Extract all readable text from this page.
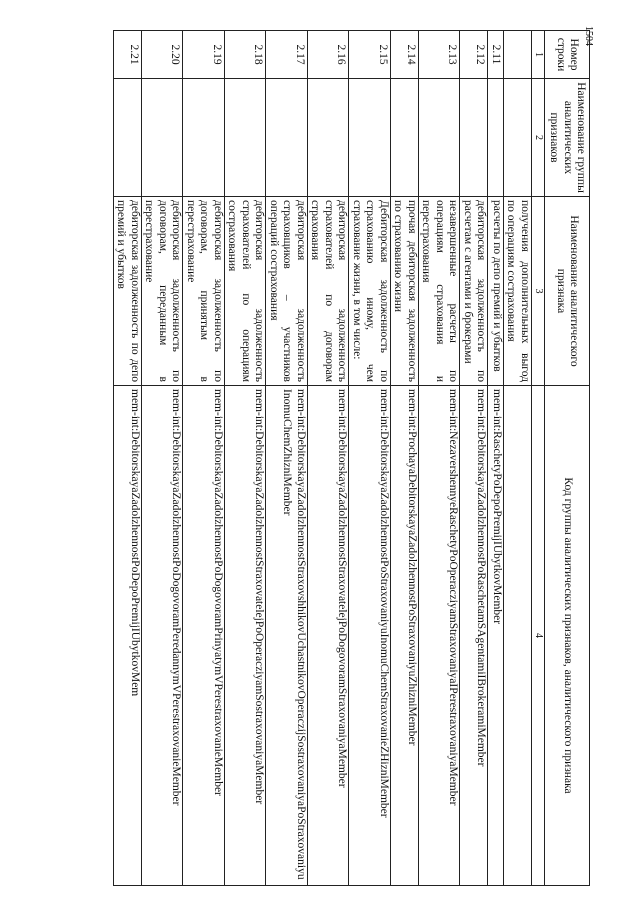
1504
Номер строки	Наименование группы аналитических признаков	Наименование аналитического признака	Код группы аналитических признаков, аналитического признака
1	2	3	4
		получения дополнительных выгод по операциям сострахования	
2.11		расчеты по депо премий и убытков	mem-int:RaschetyPoDepoPremijIUbytkovMember
2.12		дебиторская задолженность по расчетам с агентами и брокерами	mem-int:DebitorskayaZadolzhennostPoRaschetamSAgentamiIBrokeramiMember
2.13		незавершенные расчеты по операциям страхования и перестрахования	mem-int:NezavershennyeRaschetyPoOperacziyamStraxovaniyaIPerestraxovaniyaMember
2.14		прочая дебиторская задолженность по страхованию жизни	mem-int:ProchayaDebitorskayaZadolzhennostPoStraxovaniyuZhizniMember
2.15		Дебиторская задолженность по страхованию иному, чем страхование жизни, в том числе:	mem-int:DebitorskayaZadolzhennostPoStraxovaniyuInomuChemStraxovanieZHizniMember
2.16		дебиторская задолженность страхователей по договорам страхования	mem-int:DebitorskayaZadolzhennostStraxovatelejPoDogovoramStraxovaniyaMember
2.17		дебиторская задолженность страховщиков – участников операций сострахования	mem-int:DebitorskayaZadolzhennostStraxovshhikovUchastnikovOperaczijSostraxovaniyaPoStraxovaniyuInomuChemZhizniMember
2.18		дебиторская задолженность страхователей по операциям сострахования	mem-int:DebitorskayaZadolzhennostStraxovatelejPoOperaczіyamSostraxovaniyaMember
2.19		дебиторская задолженность по договорам, принятым в перестрахование	mem-int:DebitorskayaZadolzhennostPoDogovoramPrinyatymVPerestraxovanieMember
2.20		дебиторская задолженность по договорам, переданным в перестрахование	mem-int:DebitorskayaZadolzhennostPoDogovoramPeredannymVPerestraxovanieMember
2.21		дебиторская задолженность по депо премий и убытков	mem-int:DebitorskayaZadolzhennostPoDepoPremijIUbytkovMem
